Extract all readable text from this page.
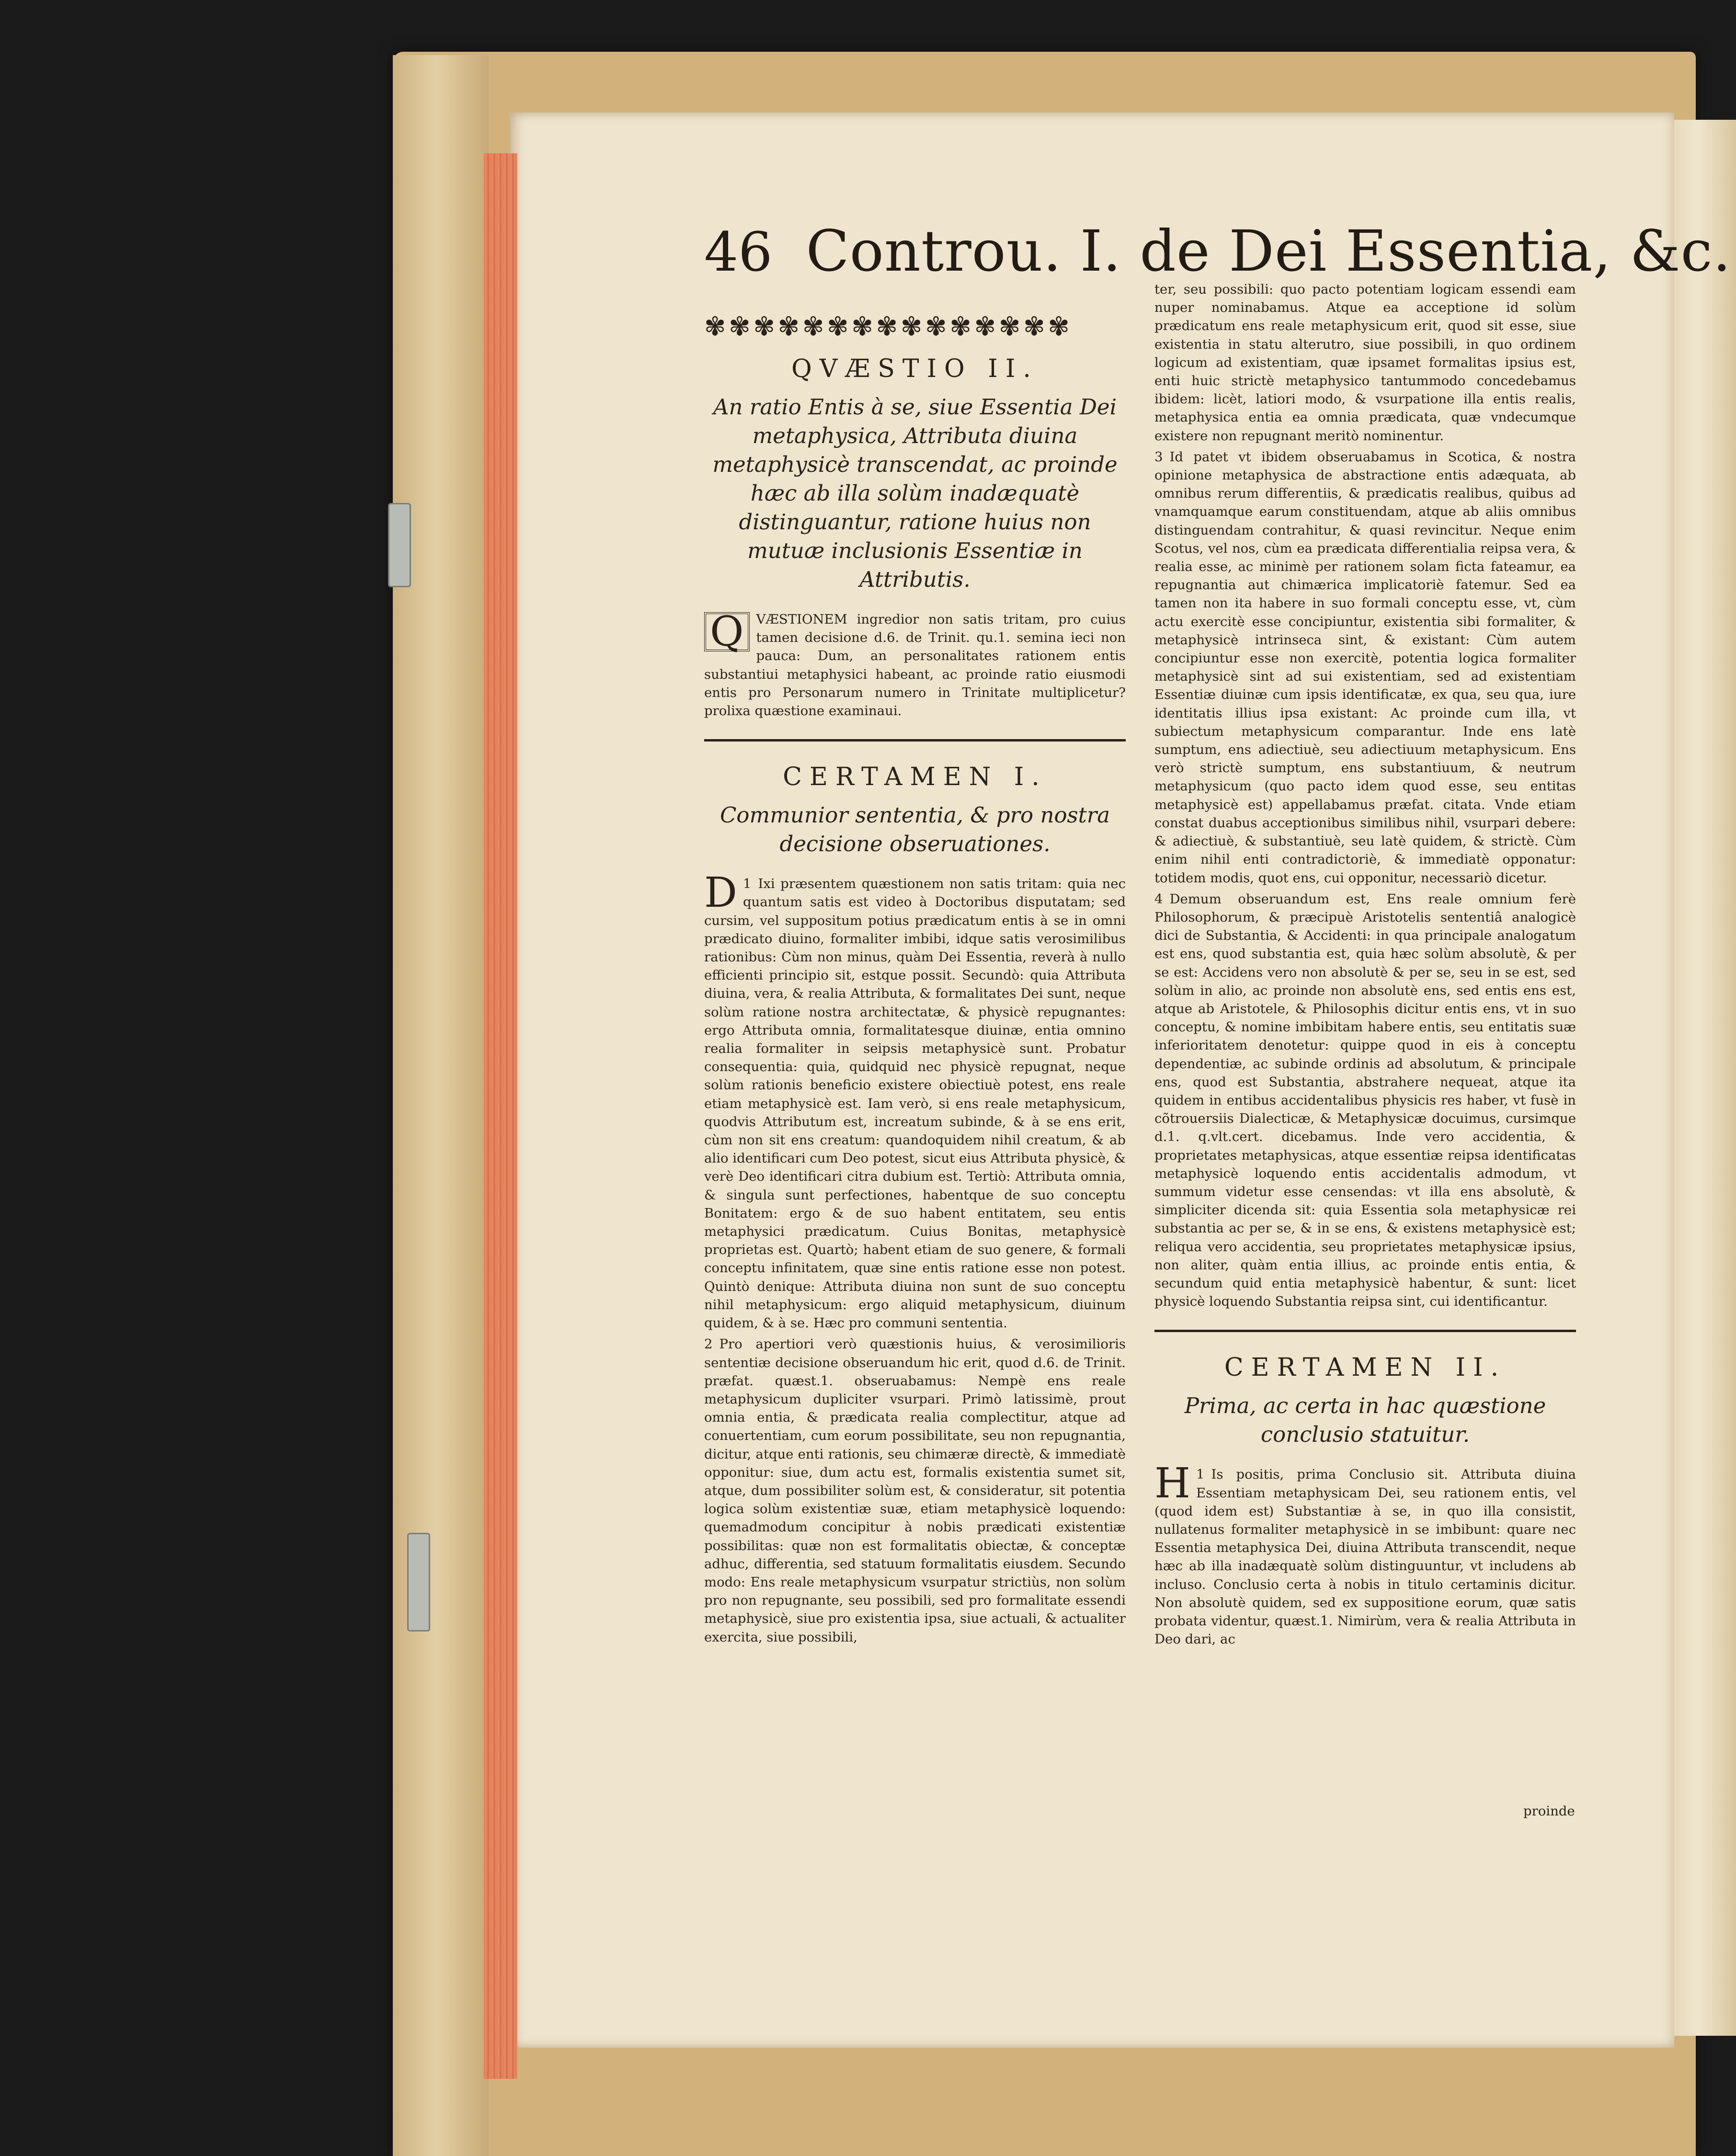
46 Controu. I. de Dei Essentia, &c.
✾✾✾✾✾✾✾✾✾✾✾✾✾✾✾
QVÆSTIO II.
An ratio Entis à se, siue Essentia Dei metaphysica, Attributa diuina metaphysicè transcendat, ac proinde hæc ab illa solùm inadæquatè distinguantur, ratione huius non mutuæ inclusionis Essentiæ in Attributis.

Q VÆSTIONEM ingredior non satis tritam, pro cuius tamen decisione d.6. de Trinit. qu.1. semina ieci non pauca: Dum, an personalitates rationem entis substantiui metaphysici habeant, ac proinde ratio eiusmodi entis pro Personarum numero in Trinitate multiplicetur? prolixa quæstione examinaui.

CERTAMEN I.
Communior sententia, & pro nostra decisione obseruationes.

1
D Ixi præsentem quæstionem non satis tritam: quia nec quantum satis est video à Doctoribus disputatam; sed cursim, vel suppositum potius prædicatum entis à se in omni prædicato diuino, formaliter imbibi, idque satis verosimilibus rationibus: Cùm non minus, quàm Dei Essentia, reverà à nullo efficienti principio sit, estque possit. Secundò: quia Attributa diuina, vera, & realia Attributa, & formalitates Dei sunt, neque solùm ratione nostra architectatæ, & physicè repugnantes: ergo Attributa omnia, formalitatesque diuinæ, entia omnino realia formaliter in seipsis metaphysicè sunt. Probatur consequentia: quia, quidquid nec physicè repugnat, neque solùm rationis beneficio existere obiectiuè potest, ens reale etiam metaphysicè est. Iam verò, si ens reale metaphysicum, quodvis Attributum est, increatum subinde, & à se ens erit, cùm non sit ens creatum: quandoquidem nihil creatum, & ab alio identificari cum Deo potest, sicut eius Attributa physicè, & verè Deo identificari citra dubium est. Tertiò: Attributa omnia, & singula sunt perfectiones, habentque de suo conceptu Bonitatem: ergo & de suo habent entitatem, seu entis metaphysici prædicatum. Cuius Bonitas, metaphysicè proprietas est. Quartò; habent etiam de suo genere, & formali conceptu infinitatem, quæ sine entis ratione esse non potest. Quintò denique: Attributa diuina non sunt de suo conceptu nihil metaphysicum: ergo aliquid metaphysicum, diuinum quidem, & à se. Hæc pro communi sententia.

2 Pro apertiori verò quæstionis huius, & verosimilioris sententiæ decisione obseruandum hic erit, quod d.6. de Trinit. præfat. quæst.1. obseruabamus: Nempè ens reale metaphysicum dupliciter vsurpari. Primò latissimè, prout omnia entia, & prædicata realia complectitur, atque ad conuertentiam, cum eorum possibilitate, seu non repugnantia, dicitur, atque enti rationis, seu chimæræ directè, & immediatè opponitur: siue, dum actu est, formalis existentia sumet sit, atque, dum possibiliter solùm est, & consideratur, sit potentia logica solùm existentiæ suæ, etiam metaphysicè loquendo: quemadmodum concipitur à nobis prædicati existentiæ possibilitas: quæ non est formalitatis obiectæ, & conceptæ adhuc, differentia, sed statuum formalitatis eiusdem. Secundo modo: Ens reale metaphysicum vsurpatur strictiùs, non solùm pro non repugnante, seu possibili, sed pro formalitate essendi metaphysicè, siue pro existentia ipsa, siue actuali, & actualiter exercita, siue possibili,

ter, seu possibili: quo pacto potentiam logicam essendi eam nuper nominabamus. Atque ea acceptione id solùm prædicatum ens reale metaphysicum erit, quod sit esse, siue existentia in statu alterutro, siue possibili, in quo ordinem logicum ad existentiam, quæ ipsamet formalitas ipsius est, enti huic strictè metaphysico tantummodo concedebamus ibidem: licèt, latiori modo, & vsurpatione illa entis realis, metaphysica entia ea omnia prædicata, quæ vndecumque existere non repugnant meritò nominentur.

3 Id patet vt ibidem obseruabamus in Scotica, & nostra opinione metaphysica de abstractione entis adæquata, ab omnibus rerum differentiis, & prædicatis realibus, quibus ad vnamquamque earum constituendam, atque ab aliis omnibus distinguendam contrahitur, & quasi revincitur. Neque enim Scotus, vel nos, cùm ea prædicata differentialia reipsa vera, & realia esse, ac minimè per rationem solam ficta fateamur, ea repugnantia aut chimærica implicatoriè fatemur. Sed ea tamen non ita habere in suo formali conceptu esse, vt, cùm actu exercitè esse concipiuntur, existentia sibi formaliter, & metaphysicè intrinseca sint, & existant: Cùm autem concipiuntur esse non exercitè, potentia logica formaliter metaphysicè sint ad sui existentiam, sed ad existentiam Essentiæ diuinæ cum ipsis identificatæ, ex qua, seu qua, iure identitatis illius ipsa existant: Ac proinde cum illa, vt subiectum metaphysicum comparantur. Inde ens latè sumptum, ens adiectiuè, seu adiectiuum metaphysicum. Ens verò strictè sumptum, ens substantiuum, & neutrum metaphysicum (quo pacto idem quod esse, seu entitas metaphysicè est) appellabamus præfat. citata. Vnde etiam constat duabus acceptionibus similibus nihil, vsurpari debere: & adiectiuè, & substantiuè, seu latè quidem, & strictè. Cùm enim nihil enti contradictoriè, & immediatè opponatur: totidem modis, quot ens, cui opponitur, necessariò dicetur.

4 Demum obseruandum est, Ens reale omnium ferè Philosophorum, & præcipuè Aristotelis sententiâ analogicè dici de Substantia, & Accidenti: in qua principale analogatum est ens, quod substantia est, quia hæc solùm absolutè, & per se est: Accidens vero non absolutè & per se, seu in se est, sed solùm in alio, ac proinde non absolutè ens, sed entis ens est, atque ab Aristotele, & Philosophis dicitur entis ens, vt in suo conceptu, & nomine imbibitam habere entis, seu entitatis suæ inferioritatem denotetur: quippe quod in eis à conceptu dependentiæ, ac subinde ordinis ad absolutum, & principale ens, quod est Substantia, abstrahere nequeat, atque ita quidem in entibus accidentalibus physicis res haber, vt fusè in cõtrouersiis Dialecticæ, & Metaphysicæ docuimus, cursimque d.1. q.vlt.cert. dicebamus. Inde vero accidentia, & proprietates metaphysicas, atque essentiæ reipsa identificatas metaphysicè loquendo entis accidentalis admodum, vt summum videtur esse censendas: vt illa ens absolutè, & simpliciter dicenda sit: quia Essentia sola metaphysicæ rei substantia ac per se, & in se ens, & existens metaphysicè est; reliqua vero accidentia, seu proprietates metaphysicæ ipsius, non aliter, quàm entia illius, ac proinde entis entia, & secundum quid entia metaphysicè habentur, & sunt: licet physicè loquendo Substantia reipsa sint, cui identificantur.

CERTAMEN II.
Prima, ac certa in hac quæstione conclusio statuitur.

1
H Is positis, prima Conclusio sit. Attributa diuina Essentiam metaphysicam Dei, seu rationem entis, vel (quod idem est) Substantiæ à se, in quo illa consistit, nullatenus formaliter metaphysicè in se imbibunt: quare nec Essentia metaphysica Dei, diuina Attributa transcendit, neque hæc ab illa inadæquatè solùm distinguuntur, vt includens ab incluso. Conclusio certa à nobis in titulo certaminis dicitur. Non absolutè quidem, sed ex suppositione eorum, quæ satis probata videntur, quæst.1. Nimirùm, vera & realia Attributa in Deo dari, ac

proinde
